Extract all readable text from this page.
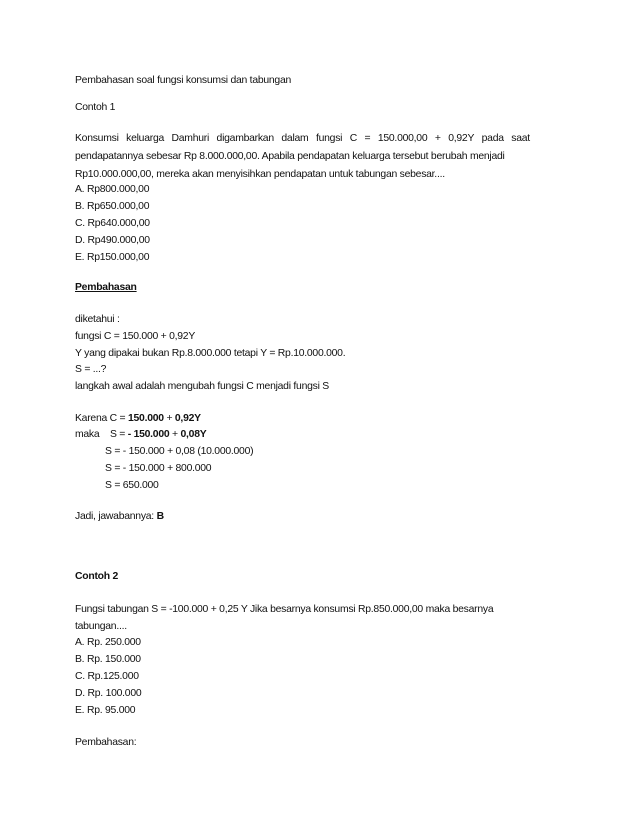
Pembahasan soal fungsi konsumsi dan tabungan
Contoh 1
Konsumsi keluarga Damhuri digambarkan dalam fungsi C = 150.000,00 + 0,92Y pada saat
pendapatannya sebesar Rp 8.000.000,00. Apabila pendapatan keluarga tersebut berubah menjadi
Rp10.000.000,00, mereka akan menyisihkan pendapatan untuk tabungan sebesar....
A. Rp800.000,00
B. Rp650.000,00
C. Rp640.000,00
D. Rp490.000,00
E. Rp150.000,00
Pembahasan
diketahui :
fungsi C = 150.000 + 0,92Y
Y yang dipakai bukan Rp.8.000.000 tetapi Y = Rp.10.000.000.
S = ...?
langkah awal adalah mengubah fungsi C menjadi fungsi S
Karena C = 150.000 + 0,92Y
maka    S = - 150.000 + 0,08Y
S = - 150.000 + 0,08 (10.000.000)
S = - 150.000 + 800.000
S = 650.000
Jadi, jawabannya: B
Contoh 2
Fungsi tabungan S = -100.000 + 0,25 Y Jika besarnya konsumsi Rp.850.000,00 maka besarnya
tabungan....
A. Rp. 250.000
B. Rp. 150.000
C. Rp.125.000
D. Rp. 100.000
E. Rp. 95.000
Pembahasan:
